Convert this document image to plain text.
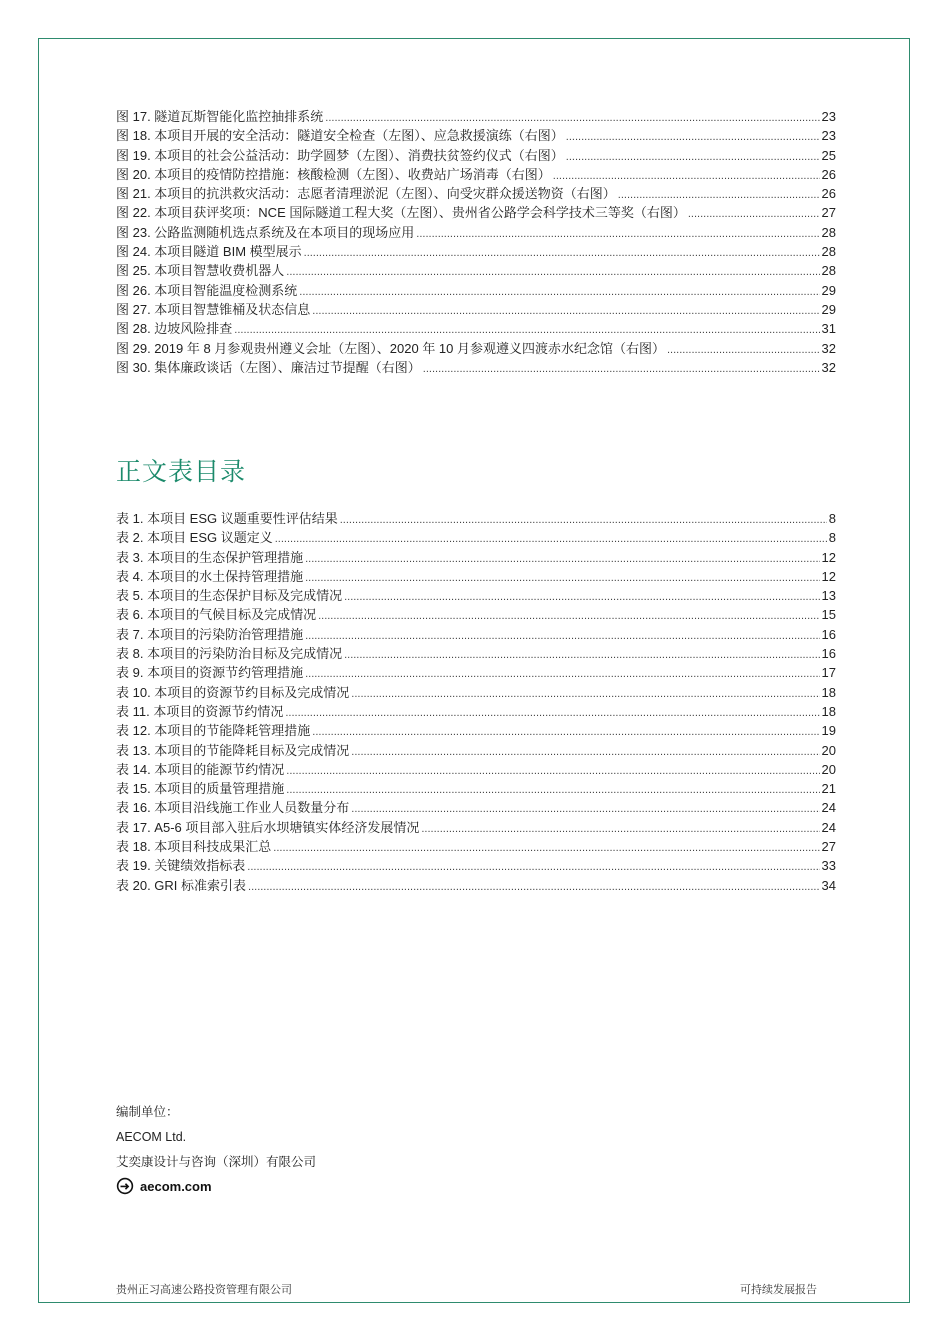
图 17. 隧道瓦斯智能化监控抽排系统 .....	23
图 18. 本项目开展的安全活动：隧道安全检查（左图）、应急救援演练（右图） .....	23
图 19. 本项目的社会公益活动：助学圆梦（左图）、消费扶贫签约仪式（右图） .....	25
图 20. 本项目的疫情防控措施：核酸检测（左图）、收费站广场消毒（右图） .....	26
图 21. 本项目的抗洪救灾活动：志愿者清理淤泥（左图）、向受灾群众援送物资（右图） .....	26
图 22. 本项目获评奖项：NCE 国际隧道工程大奖（左图）、贵州省公路学会科学技术三等奖（右图） .....	27
图 23. 公路监测随机选点系统及在本项目的现场应用 .....	28
图 24. 本项目隧道 BIM 模型展示 .....	28
图 25. 本项目智慧收费机器人 .....	28
图 26. 本项目智能温度检测系统 .....	29
图 27. 本项目智慧锥桶及状态信息 .....	29
图 28. 边坡风险排查 .....	31
图 29. 2019 年 8 月参观贵州遵义会址（左图）、2020 年 10 月参观遵义四渡赤水纪念馆（右图） .....	32
图 30. 集体廉政谈话（左图）、廉洁过节提醒（右图） .....	32
正文表目录
表 1. 本项目 ESG 议题重要性评估结果 .....	8
表 2. 本项目 ESG 议题定义 .....	8
表 3. 本项目的生态保护管理措施 .....	12
表 4. 本项目的水土保持管理措施 .....	12
表 5. 本项目的生态保护目标及完成情况 .....	13
表 6. 本项目的气候目标及完成情况 .....	15
表 7. 本项目的污染防治管理措施 .....	16
表 8. 本项目的污染防治目标及完成情况 .....	16
表 9. 本项目的资源节约管理措施 .....	17
表 10. 本项目的资源节约目标及完成情况 .....	18
表 11. 本项目的资源节约情况 .....	18
表 12. 本项目的节能降耗管理措施 .....	19
表 13. 本项目的节能降耗目标及完成情况 .....	20
表 14. 本项目的能源节约情况 .....	20
表 15. 本项目的质量管理措施 .....	21
表 16. 本项目沿线施工作业人员数量分布 .....	24
表 17. A5-6 项目部入驻后水坝塘镇实体经济发展情况 .....	24
表 18. 本项目科技成果汇总 .....	27
表 19. 关键绩效指标表 .....	33
表 20. GRI 标准索引表 .....	34
编制单位：
AECOM Ltd.
艾奕康设计与咨询（深圳）有限公司
aecom.com
贵州正习高速公路投资管理有限公司	可持续发展报告
